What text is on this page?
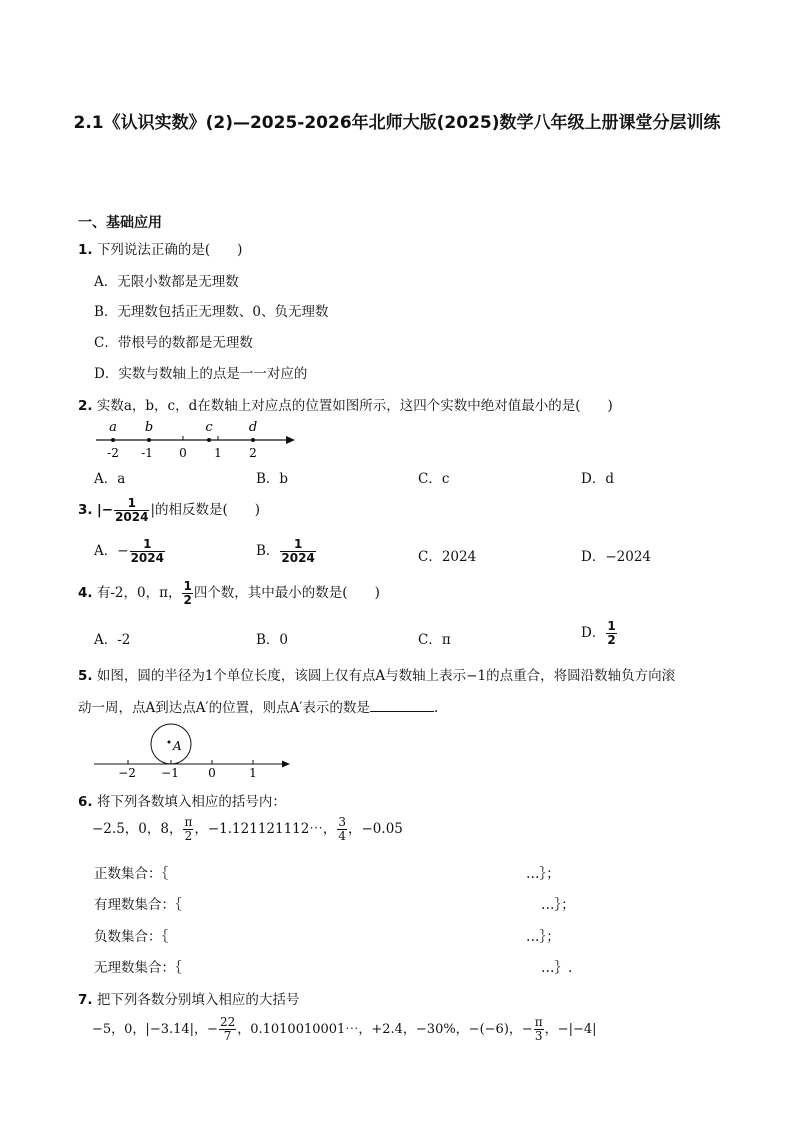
2.1《认识实数》(2)—2025-2026年北师大版(2025)数学八年级上册课堂分层训练
一、基础应用
1. 下列说法正确的是(　　)
A．无限小数都是无理数
B．无理数包括正无理数、0、负无理数
C．带根号的数都是无理数
D．实数与数轴上的点是一一对应的
2. 实数a，b，c，d在数轴上对应点的位置如图所示，这四个实数中绝对值最小的是(　　)
a b	c	d
-2 -1 0 1 2
A．a	B．b	C．c	D．d
3. |− $\frac{1}{2024}$ |的相反数是(　　)
A．− $\frac{1}{2024}$	B． $\frac{1}{2024}$	C．2024	D．−2024
4. 有-2，0，π， $\frac{1}{2}$ 四个数，其中最小的数是(　　)
A．-2	B．0	C．π	D． $\frac{1}{2}$
5. 如图，圆的半径为1个单位长度，该圆上仅有点A与数轴上表示−1的点重合，将圆沿数轴负方向滚
动一周，点A到达点A′的位置，则点A′表示的数是	.
A
−2 −1 0	1
6. 将下列各数填入相应的括号内：
−2.5，0，8， $\frac{\pi}{2}$ ，−1.121121112⋯， $\frac{3}{4}$ ，−0.05
正数集合：｛	…｝；
有理数集合：｛	…｝；
负数集合：｛	…｝；
无理数集合：｛	…｝.
7. 把下列各数分别填入相应的大括号
−5，0，|−3.14|，− $\frac{22}{7}$ ，0.1010010001⋯，+2.4，−30%，−(−6)，− $\frac{\pi}{3}$ ，−|−4|
